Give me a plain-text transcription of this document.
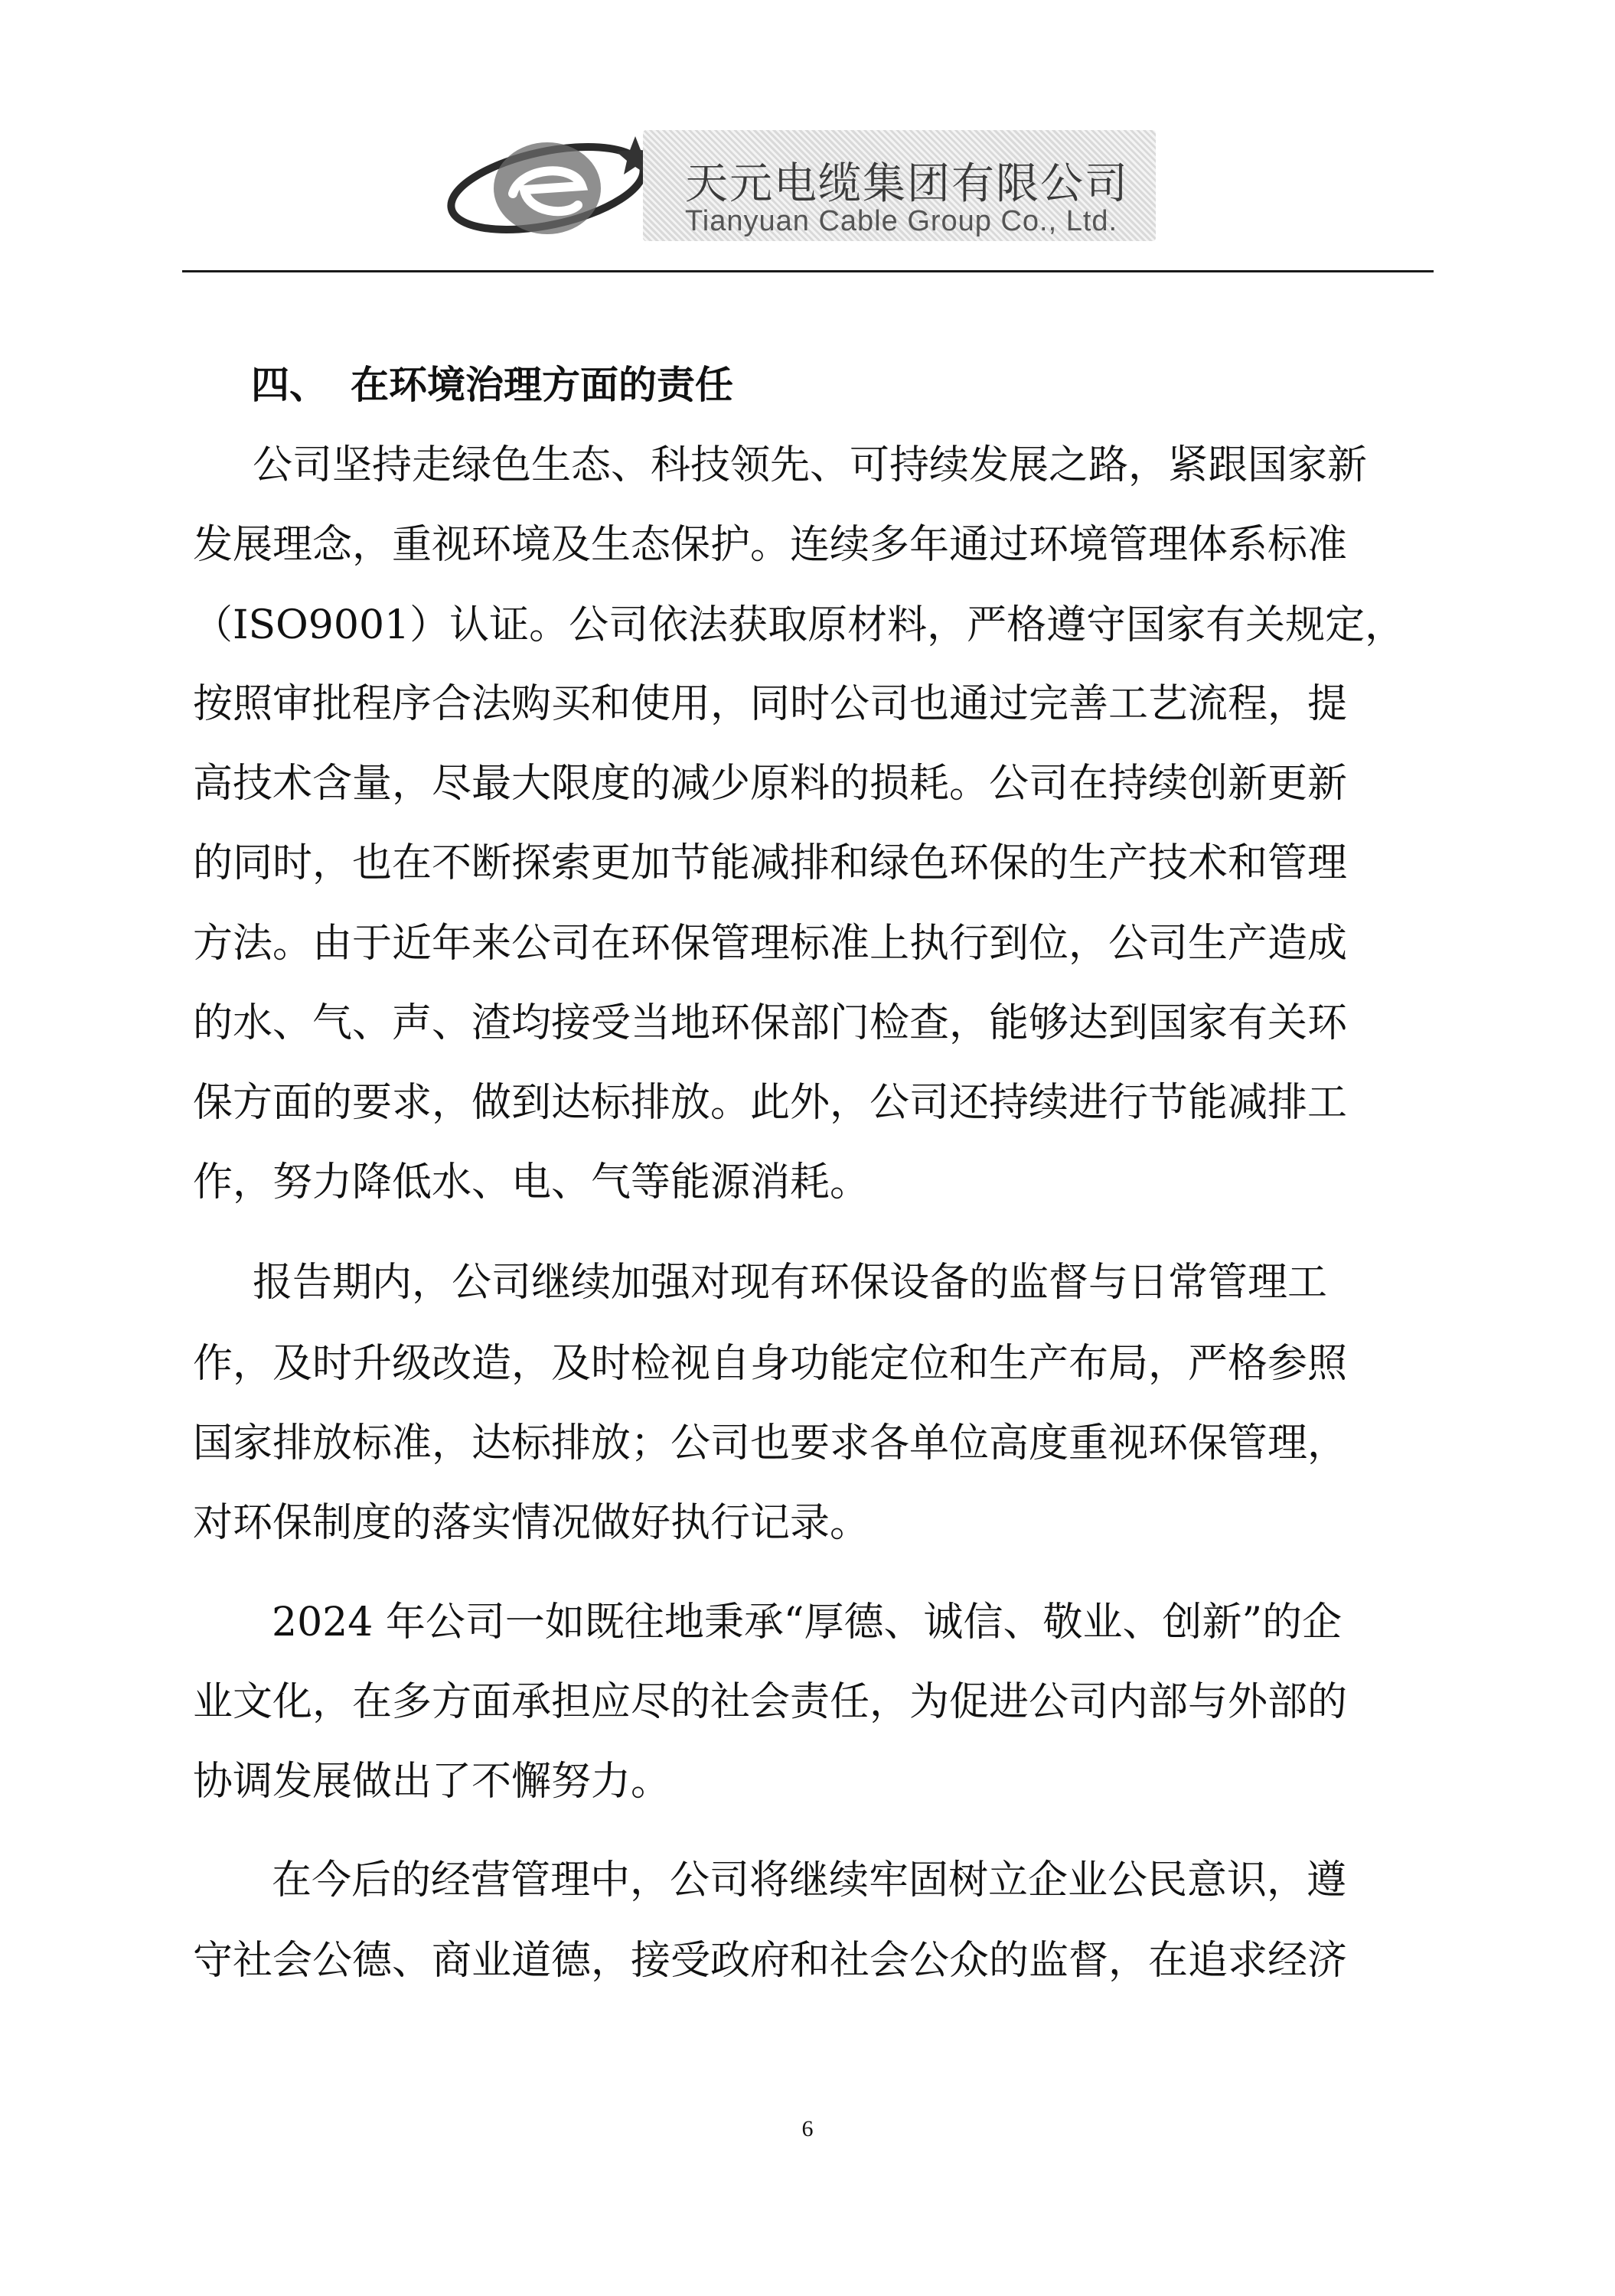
天元电缆集团有限公司
Tianyuan Cable Group Co., Ltd.
四、 在环境治理方面的责任
公司坚持走绿色生态、科技领先、可持续发展之路，紧跟国家新
发展理念，重视环境及生态保护。连续多年通过环境管理体系标准
（ISO9001）认证。公司依法获取原材料，严格遵守国家有关规定，
按照审批程序合法购买和使用，同时公司也通过完善工艺流程，提
高技术含量，尽最大限度的减少原料的损耗。公司在持续创新更新
的同时，也在不断探索更加节能减排和绿色环保的生产技术和管理
方法。由于近年来公司在环保管理标准上执行到位，公司生产造成
的水、气、声、渣均接受当地环保部门检查，能够达到国家有关环
保方面的要求，做到达标排放。此外，公司还持续进行节能减排工
作，努力降低水、电、气等能源消耗。
报告期内，公司继续加强对现有环保设备的监督与日常管理工
作，及时升级改造，及时检视自身功能定位和生产布局，严格参照
国家排放标准，达标排放；公司也要求各单位高度重视环保管理，
对环保制度的落实情况做好执行记录。
2024 年公司一如既往地秉承“厚德、诚信、敬业、创新”的企
业文化，在多方面承担应尽的社会责任，为促进公司内部与外部的
协调发展做出了不懈努力。
在今后的经营管理中，公司将继续牢固树立企业公民意识，遵
守社会公德、商业道德，接受政府和社会公众的监督，在追求经济
6
